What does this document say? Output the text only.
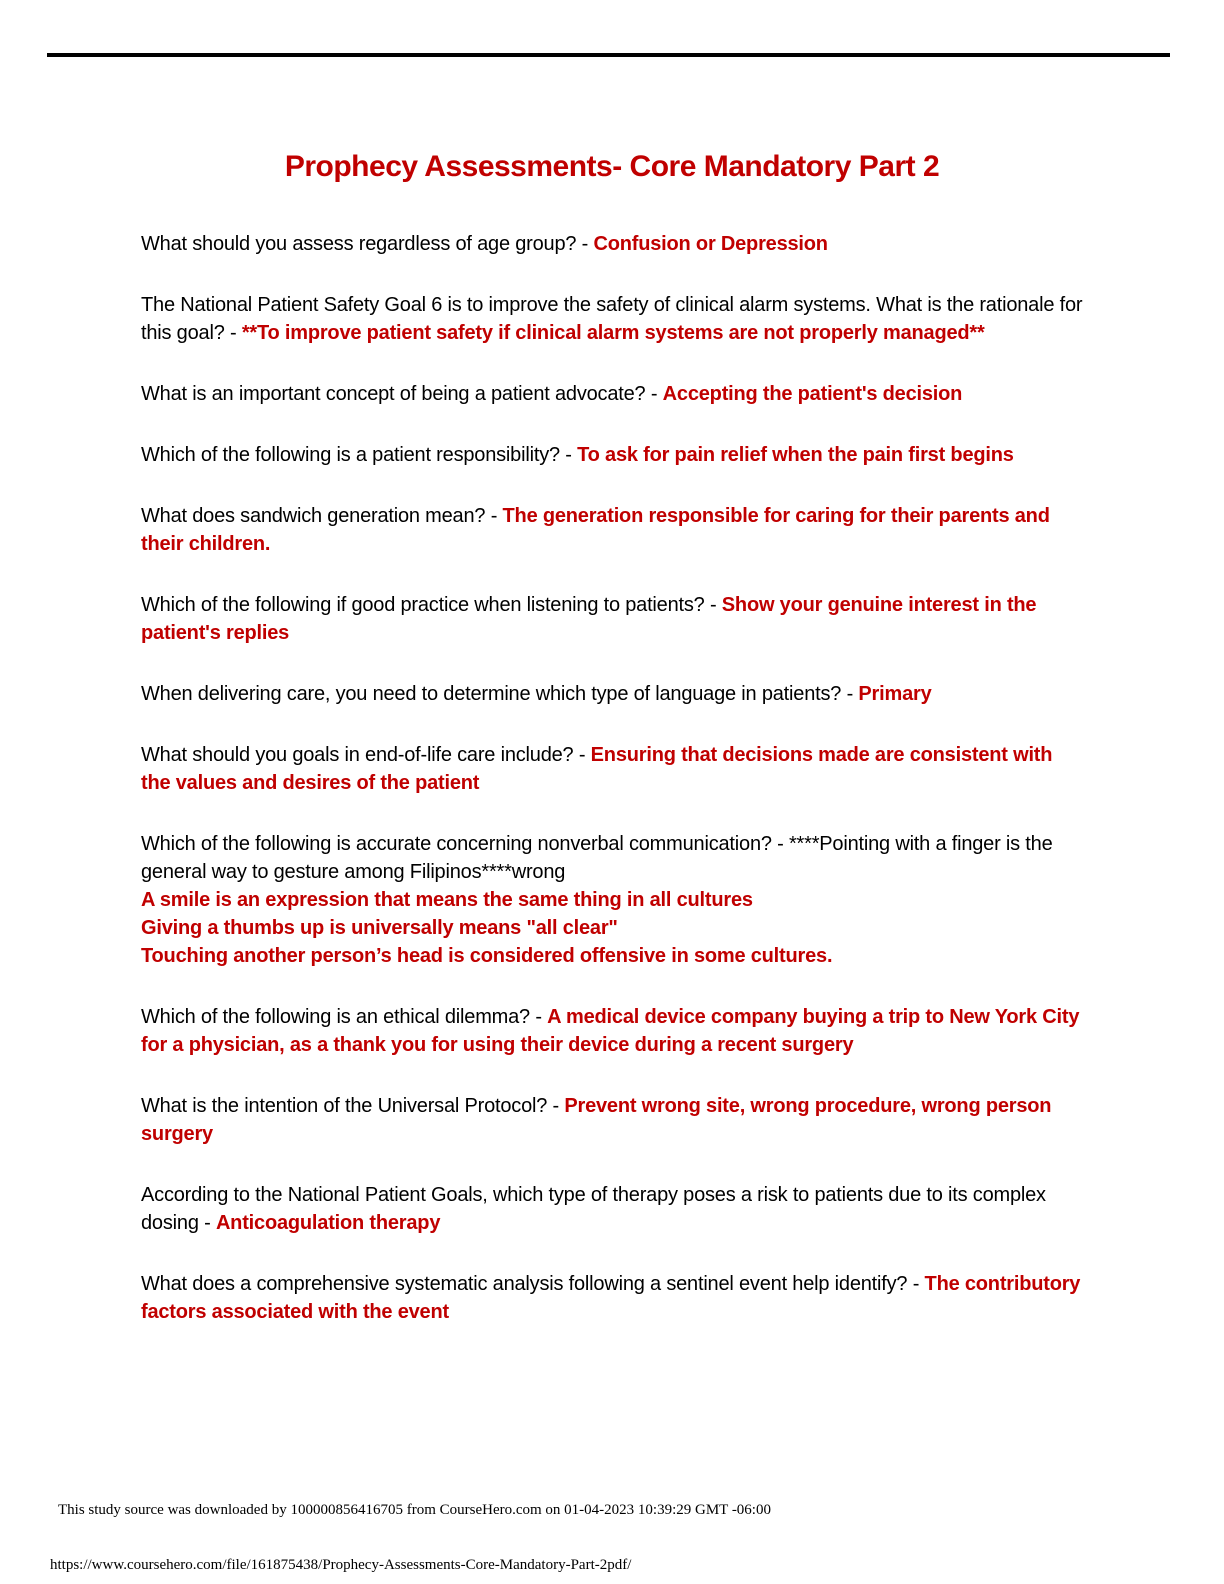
Prophecy Assessments- Core Mandatory Part 2

What should you assess regardless of age group? - Confusion or Depression

The National Patient Safety Goal 6 is to improve the safety of clinical alarm systems. What is the rationale for this goal? - **To improve patient safety if clinical alarm systems are not properly managed**

What is an important concept of being a patient advocate? - Accepting the patient's decision

Which of the following is a patient responsibility? - To ask for pain relief when the pain first begins

What does sandwich generation mean? - The generation responsible for caring for their parents and their children.

Which of the following if good practice when listening to patients? - Show your genuine interest in the patient's replies

When delivering care, you need to determine which type of language in patients? - Primary

What should you goals in end-of-life care include? - Ensuring that decisions made are consistent with the values and desires of the patient

Which of the following is accurate concerning nonverbal communication? - ****Pointing with a finger is the general way to gesture among Filipinos****wrong
A smile is an expression that means the same thing in all cultures
Giving a thumbs up is universally means "all clear"
Touching another person’s head is considered offensive in some cultures.

Which of the following is an ethical dilemma? - A medical device company buying a trip to New York City for a physician, as a thank you for using their device during a recent surgery

What is the intention of the Universal Protocol? - Prevent wrong site, wrong procedure, wrong person surgery

According to the National Patient Goals, which type of therapy poses a risk to patients due to its complex dosing - Anticoagulation therapy

What does a comprehensive systematic analysis following a sentinel event help identify? - The contributory factors associated with the event

This study source was downloaded by 100000856416705 from CourseHero.com on 01-04-2023 10:39:29 GMT -06:00
https://www.coursehero.com/file/161875438/Prophecy-Assessments-Core-Mandatory-Part-2pdf/
